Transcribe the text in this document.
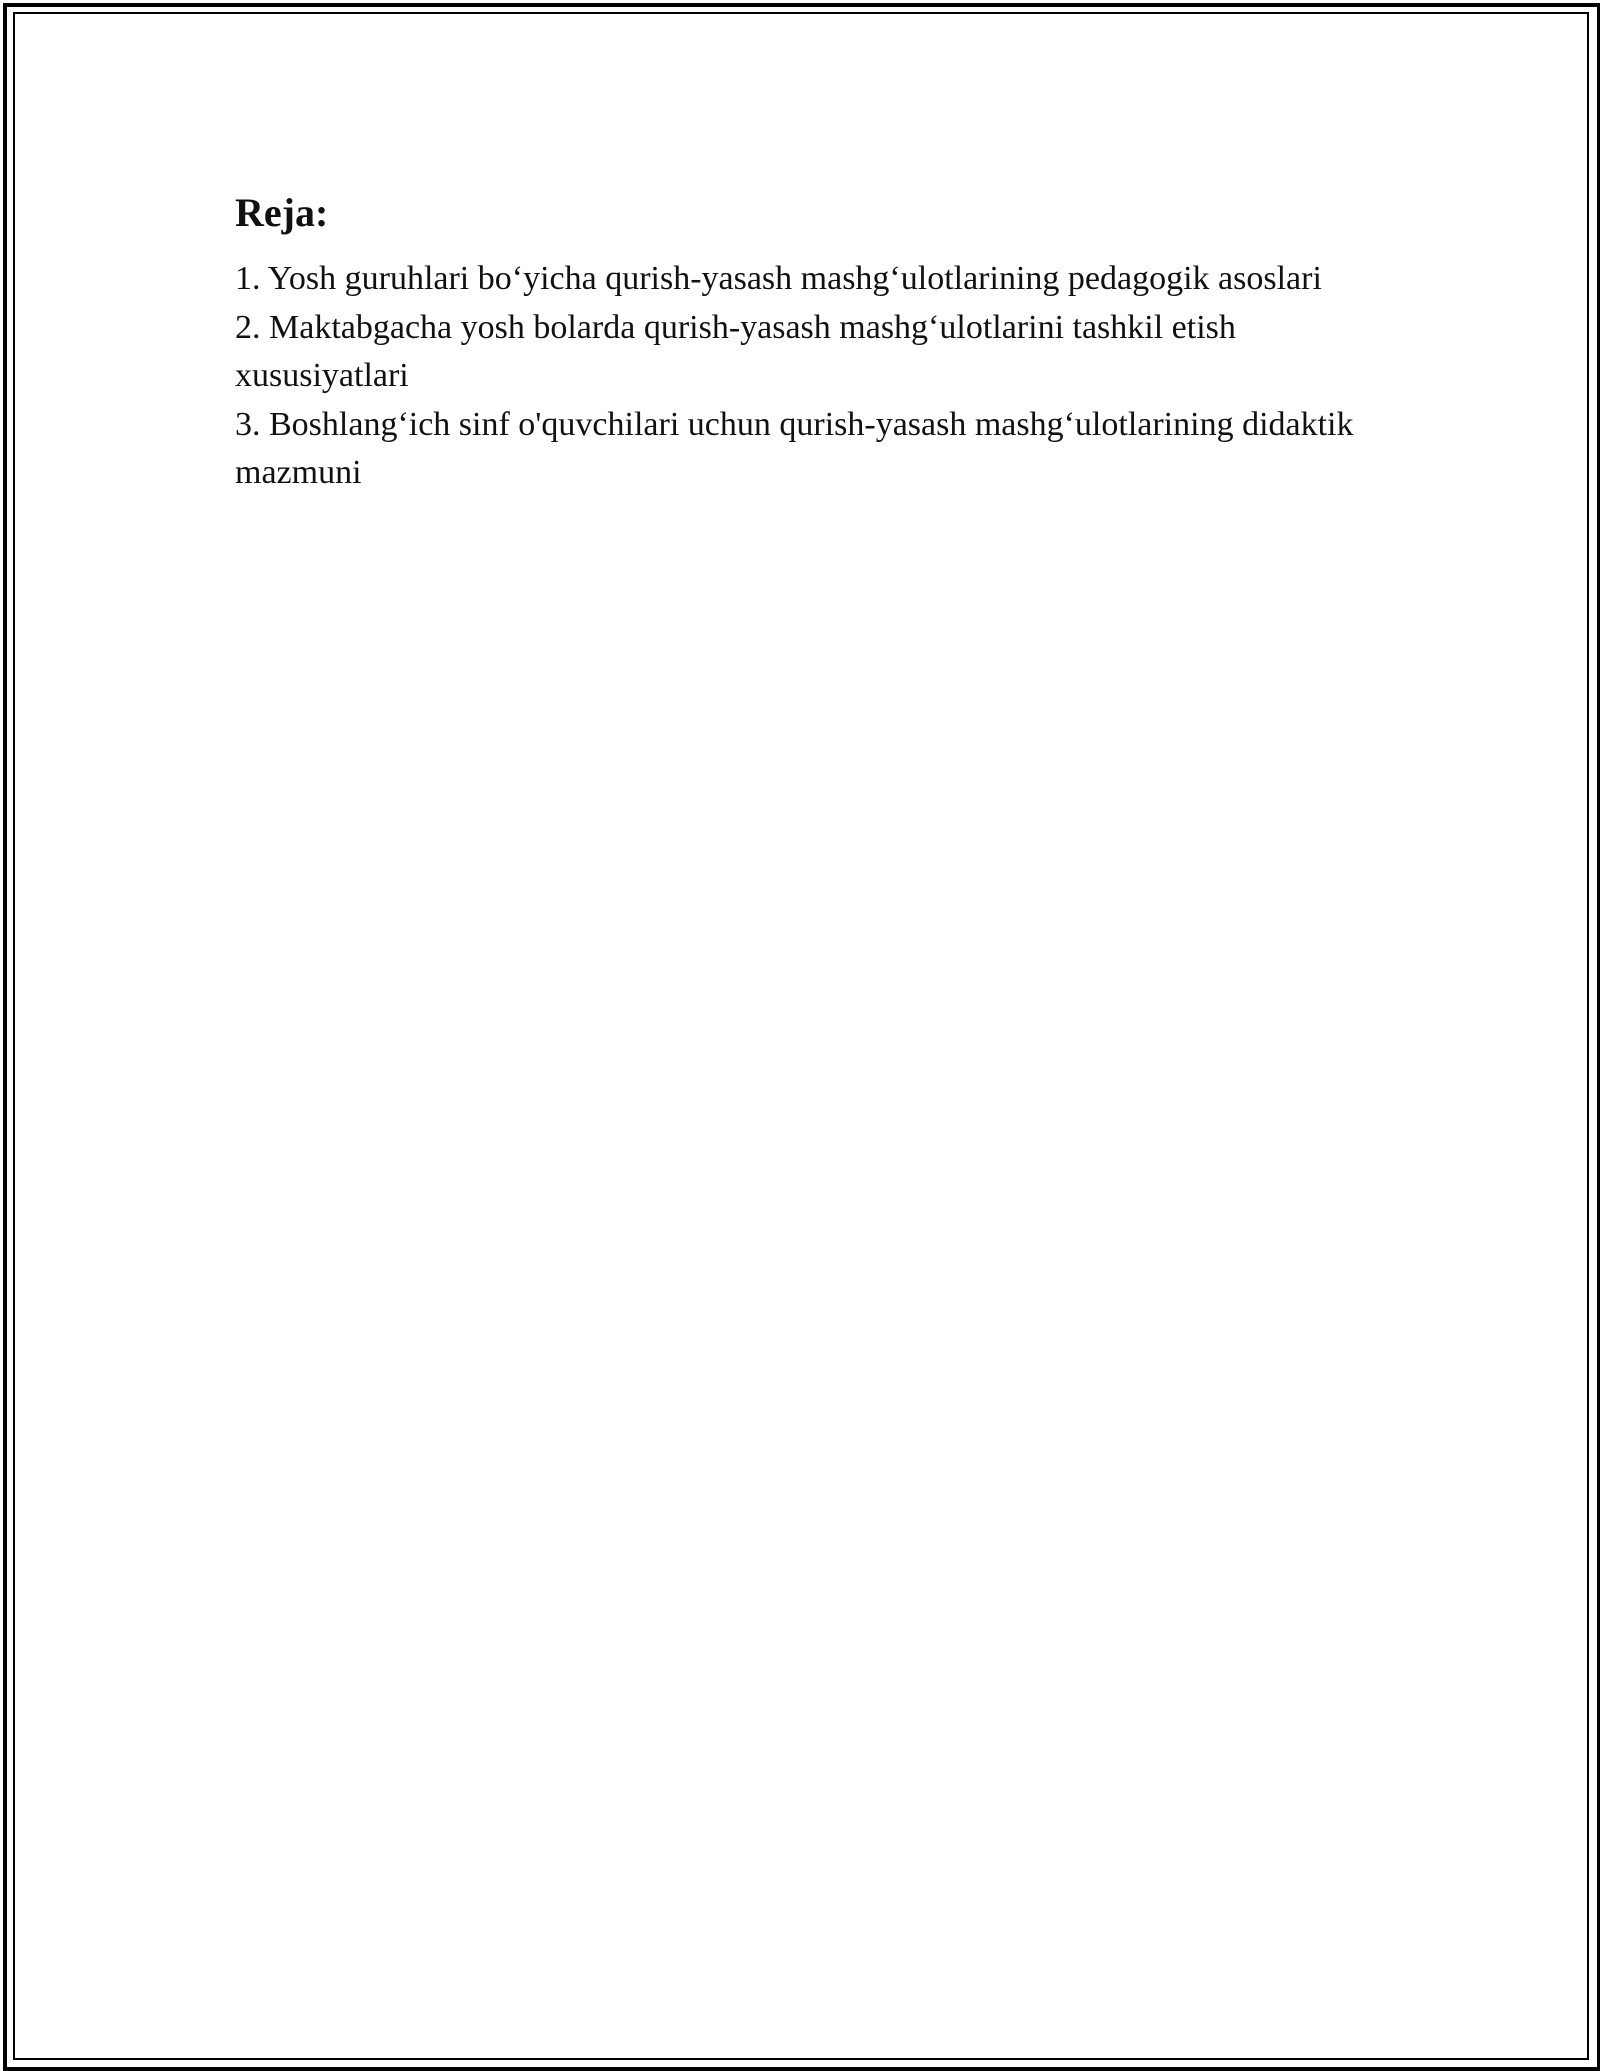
Reja:
1. Yosh guruhlari bo‘yicha qurish-yasash mashg‘ulotlarining pedagogik asoslari
2. Maktabgacha yosh bolarda qurish-yasash mashg‘ulotlarini tashkil etish xususiyatlari
3. Boshlang‘ich sinf o'quvchilari uchun qurish-yasash mashg‘ulotlarining didaktik mazmuni
